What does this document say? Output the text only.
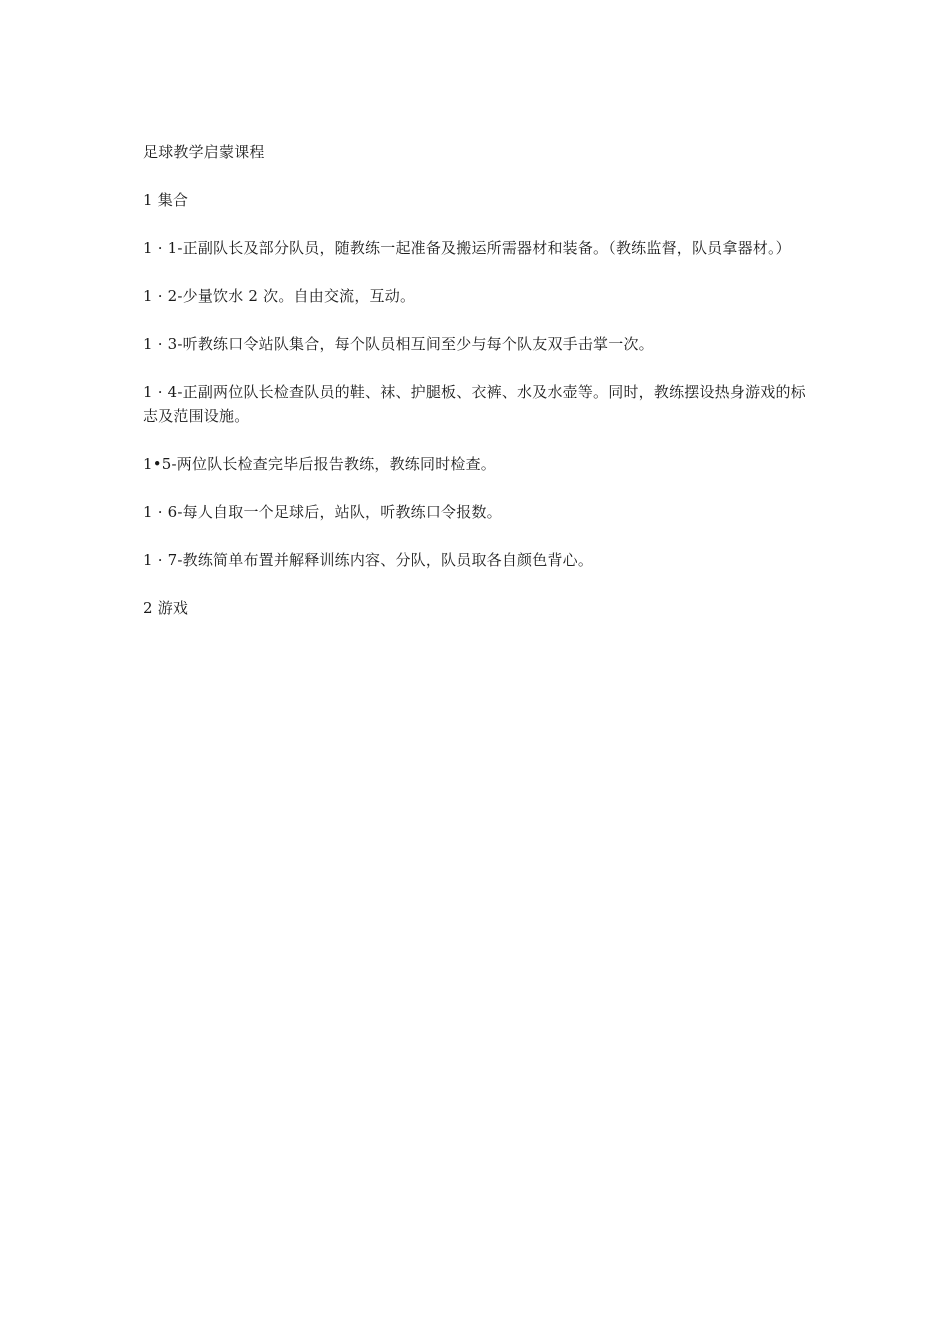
足球教学启蒙课程

1 集合

1 · 1-正副队长及部分队员，随教练一起准备及搬运所需器材和装备。（教练监督，队员拿器材。）

1 · 2-少量饮水 2 次。自由交流，互动。

1 · 3-听教练口令站队集合，每个队员相互间至少与每个队友双手击掌一次。

1 · 4-正副两位队长检查队员的鞋、袜、护腿板、衣裤、水及水壶等。同时，教练摆设热身游戏的标志及范围设施。

1•5-两位队长检查完毕后报告教练，教练同时检查。

1 · 6-每人自取一个足球后，站队，听教练口令报数。

1 · 7-教练简单布置并解释训练内容、分队，队员取各自颜色背心。

2 游戏
